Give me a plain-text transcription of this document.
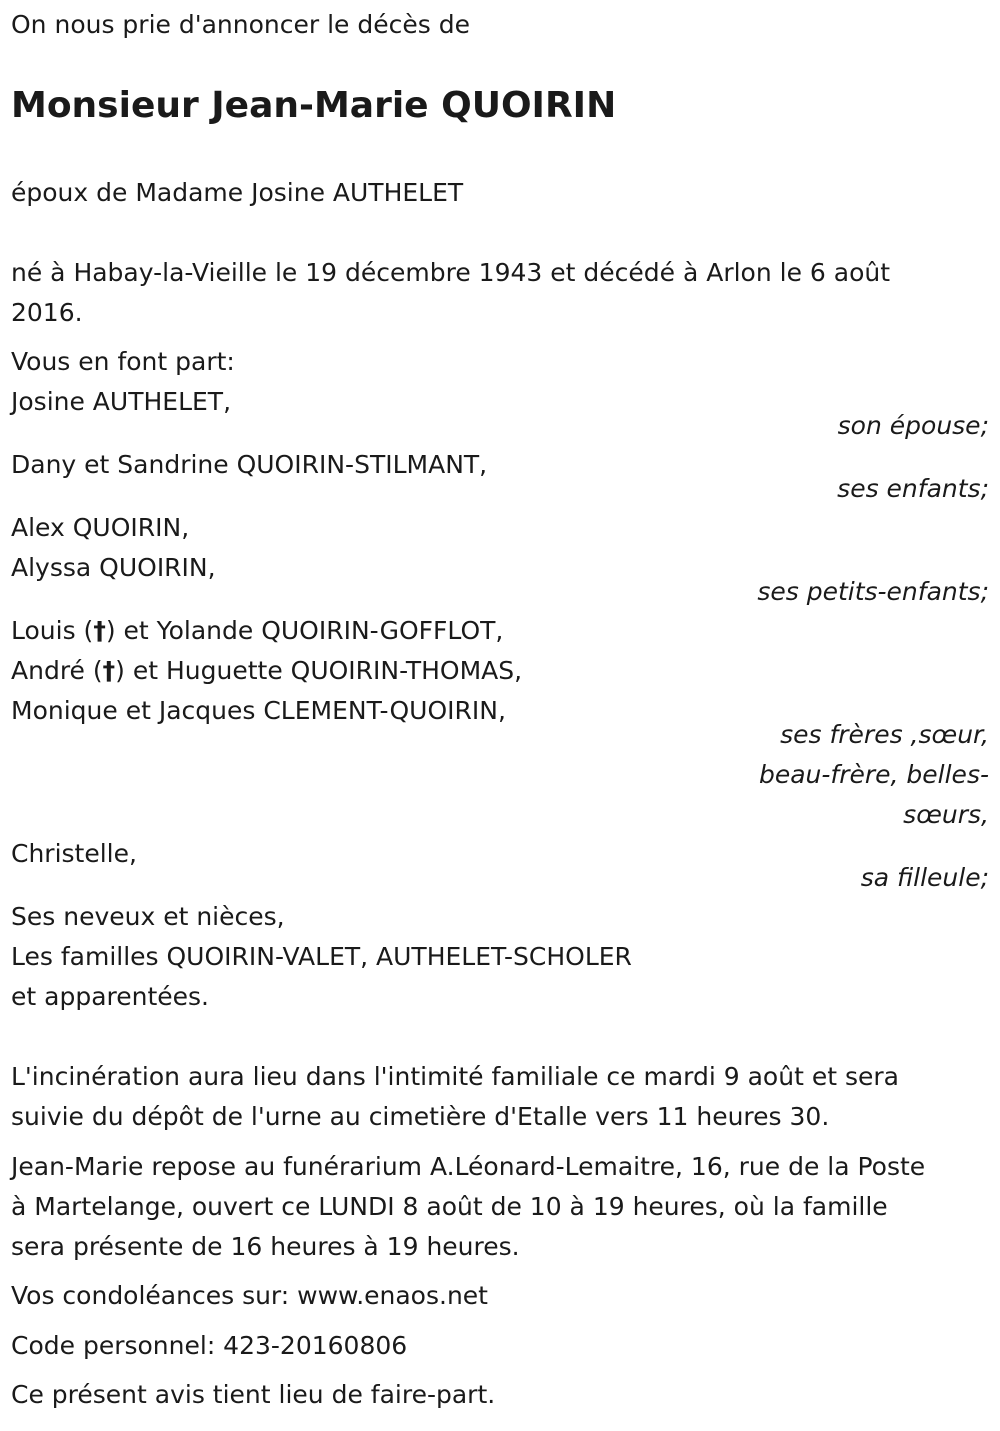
On nous prie d'annoncer le décès de
Monsieur Jean-Marie QUOIRIN
époux de Madame Josine AUTHELET
né à Habay-la-Vieille le 19 décembre 1943 et décédé à Arlon le 6 août
2016.
Vous en font part:
Josine AUTHELET,
son épouse;
Dany et Sandrine QUOIRIN-STILMANT,
ses enfants;
Alex QUOIRIN,
Alyssa QUOIRIN,
ses petits-enfants;
Louis (†) et Yolande QUOIRIN-GOFFLOT,
André (†) et Huguette QUOIRIN-THOMAS,
Monique et Jacques CLEMENT-QUOIRIN,
ses frères ,sœur,
beau-frère, belles-
sœurs,
Christelle,
sa filleule;
Ses neveux et nièces,
Les familles QUOIRIN-VALET, AUTHELET-SCHOLER
et apparentées.
L'incinération aura lieu dans l'intimité familiale ce mardi 9 août et sera
suivie du dépôt de l'urne au cimetière d'Etalle vers 11 heures 30.
Jean-Marie repose au funérarium A.Léonard-Lemaitre, 16, rue de la Poste
à Martelange, ouvert ce LUNDI 8 août de 10 à 19 heures, où la famille
sera présente de 16 heures à 19 heures.
Vos condoléances sur: www.enaos.net
Code personnel: 423-20160806
Ce présent avis tient lieu de faire-part.
